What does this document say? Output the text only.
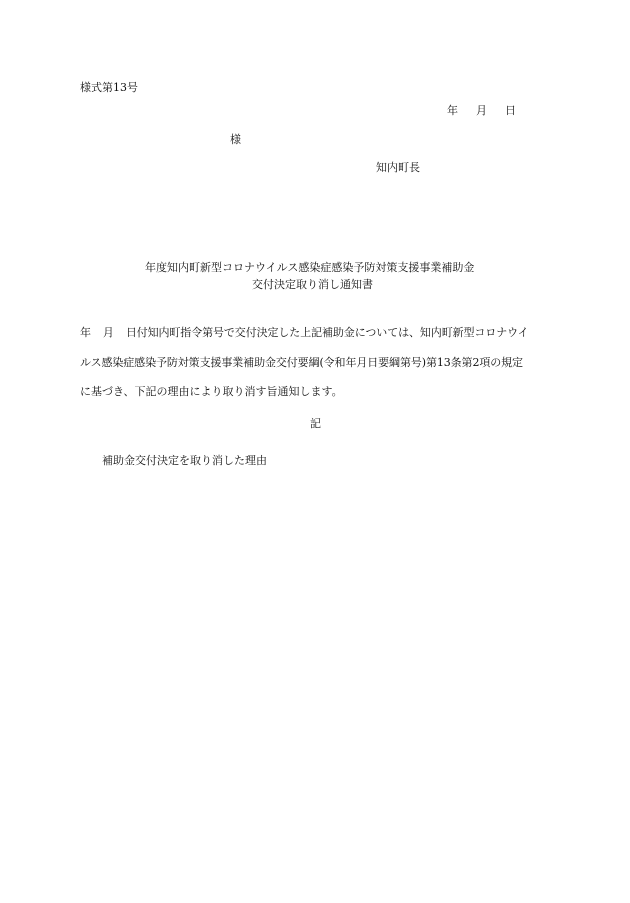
様式第13号
年 月 日
様
知内町長
年度知内町新型コロナウイルス感染症感染予防対策支援事業補助金
交付決定取り消し通知書
年 月 日付知内町指令第号で交付決定した上記補助金については、知内町新型コロナウイ
ルス感染症感染予防対策支援事業補助金交付要綱(令和年月日要綱第号)第13条第2項の規定
に基づき、下記の理由により取り消す旨通知します。
記
補助金交付決定を取り消した理由
